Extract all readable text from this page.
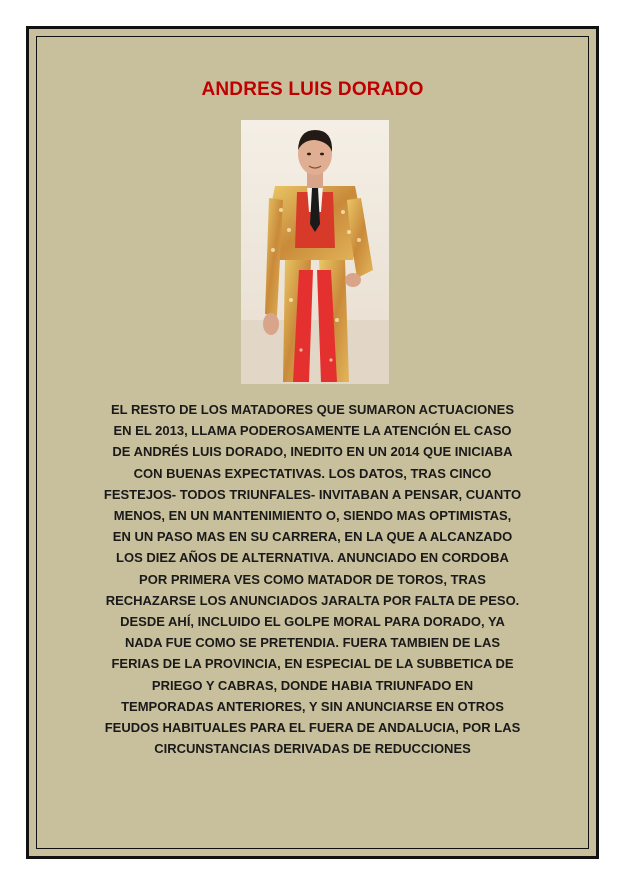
ANDRES LUIS DORADO
EL RESTO DE LOS MATADORES QUE SUMARON ACTUACIONES
EN EL 2013, LLAMA PODEROSAMENTE LA ATENCIÓN EL CASO
DE ANDRÉS LUIS DORADO, INEDITO EN UN 2014 QUE INICIABA
CON BUENAS EXPECTATIVAS. LOS DATOS, TRAS CINCO
FESTEJOS- TODOS TRIUNFALES- INVITABAN A PENSAR, CUANTO
MENOS, EN UN MANTENIMIENTO O, SIENDO MAS OPTIMISTAS,
EN UN PASO MAS EN SU CARRERA, EN LA QUE A ALCANZADO
LOS DIEZ AÑOS DE ALTERNATIVA. ANUNCIADO EN CORDOBA
POR PRIMERA VES COMO MATADOR DE TOROS, TRAS
RECHAZARSE LOS ANUNCIADOS JARALTA POR FALTA DE PESO.
DESDE AHÍ, INCLUIDO EL GOLPE MORAL PARA DORADO, YA
NADA FUE COMO SE PRETENDIA. FUERA TAMBIEN DE LAS
FERIAS DE LA PROVINCIA, EN ESPECIAL DE LA SUBBETICA DE
PRIEGO Y CABRAS, DONDE HABIA TRIUNFADO EN
TEMPORADAS ANTERIORES, Y SIN ANUNCIARSE EN OTROS
FEUDOS HABITUALES PARA EL FUERA DE ANDALUCIA, POR LAS
CIRCUNSTANCIAS DERIVADAS DE REDUCCIONES
